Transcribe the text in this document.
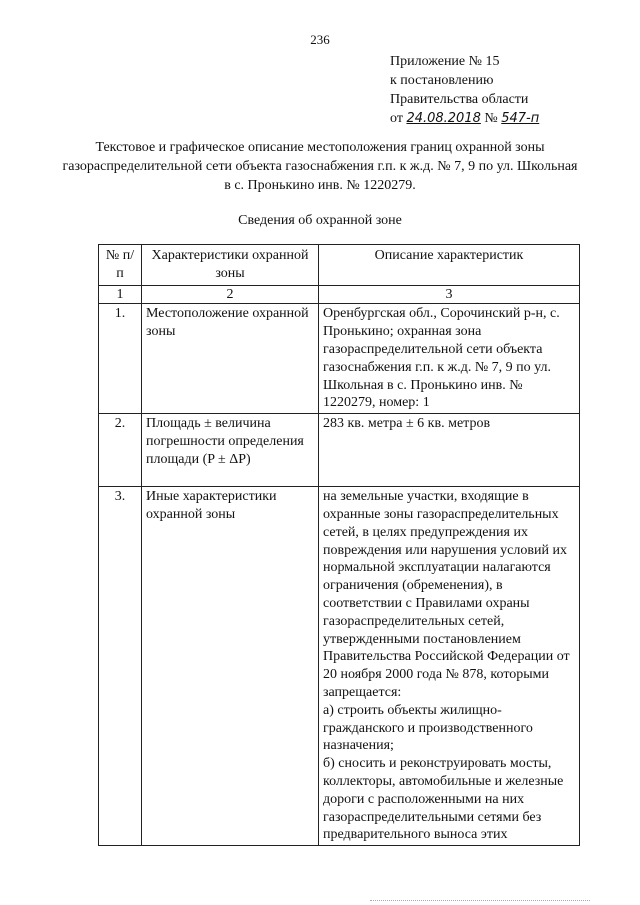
236
Приложение № 15
к постановлению
Правительства области
от 24.08.2018 № 547-п
Текстовое и графическое описание местоположения границ охранной зоны газораспределительной сети объекта газоснабжения г.п. к ж.д. № 7, 9 по ул. Школьная в с. Пронькино инв. № 1220279.
Сведения об охранной зоне
№ п/п	Характеристики охранной зоны	Описание характеристик
1	2	3
1.	Местоположение охранной зоны	Оренбургская обл., Сорочинский р-н, с. Пронькино; охранная зона газораспределительной сети объекта газоснабжения г.п. к ж.д. № 7, 9 по ул. Школьная в с. Пронькино инв. № 1220279, номер: 1
2.	Площадь ± величина погрешности определения площади (P ± ΔP)	283 кв. метра ± 6 кв. метров
3.	Иные характеристики охранной зоны	на земельные участки, входящие в охранные зоны газораспределительных сетей, в целях предупреждения их повреждения или нарушения условий их нормальной эксплуатации налагаются ограничения (обременения), в соответствии с Правилами охраны газораспределительных сетей, утвержденными постановлением Правительства Российской Федерации от 20 ноября 2000 года № 878, которыми запрещается:
а) строить объекты жилищно-гражданского и производственного назначения;
б) сносить и реконструировать мосты, коллекторы, автомобильные и железные дороги с расположенными на них газораспределительными сетями без предварительного выноса этих
